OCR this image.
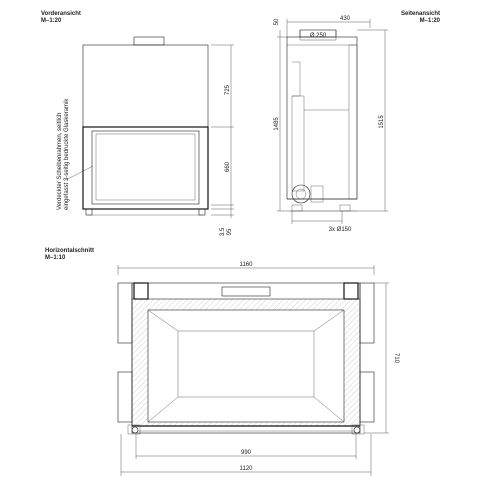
Vorderansicht
M–1:20
Seitenansicht
M–1:20
Horizontalschnitt
M–1:10
725
660
3.5 95
Verdeckter Scheibenrahmen, seitlich eingefasst 3-seitig bedruckte Glaskeramik
430
Ø 250
50
1485	1515
3x Ø150
1160
710
990
1120
